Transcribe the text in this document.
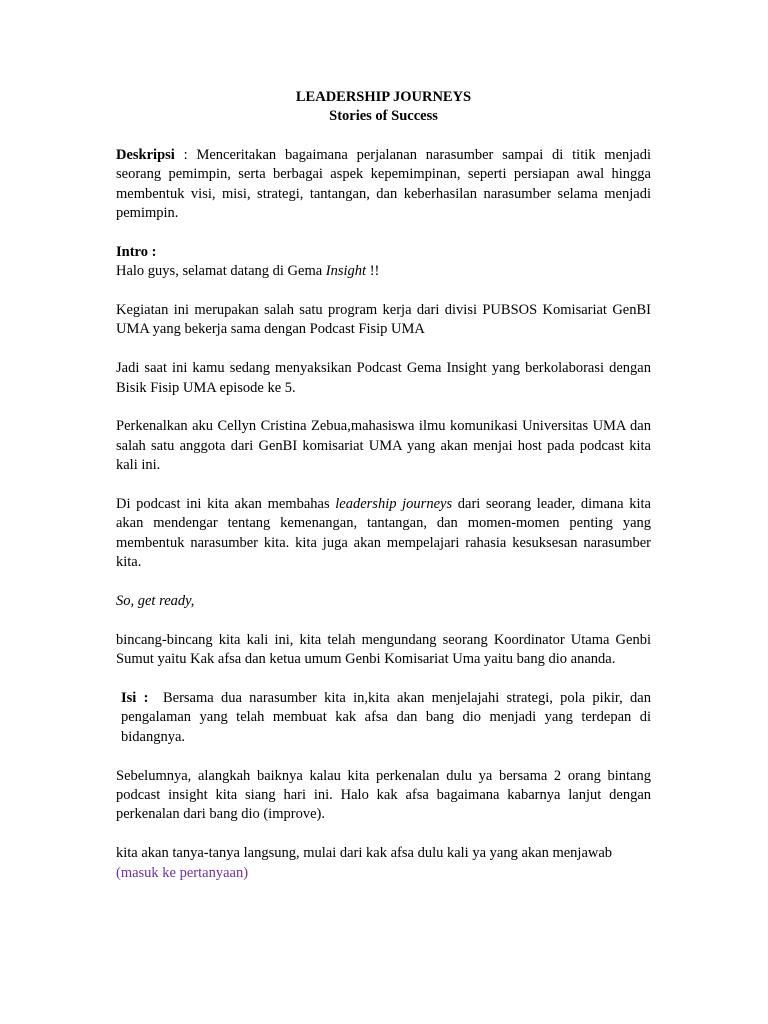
LEADERSHIP JOURNEYS
Stories of Success

Deskripsi : Menceritakan bagaimana perjalanan narasumber sampai di titik menjadi seorang pemimpin, serta berbagai aspek kepemimpinan, seperti persiapan awal hingga membentuk visi, misi, strategi, tantangan, dan keberhasilan narasumber selama menjadi pemimpin.

Intro :

Halo guys, selamat datang di Gema Insight !!

Kegiatan ini merupakan salah satu program kerja dari divisi PUBSOS Komisariat GenBI UMA yang bekerja sama dengan Podcast Fisip UMA

Jadi saat ini kamu sedang menyaksikan Podcast Gema Insight yang berkolaborasi dengan Bisik Fisip UMA episode ke 5.

Perkenalkan aku Cellyn Cristina Zebua,mahasiswa ilmu komunikasi Universitas UMA dan salah satu anggota dari GenBI komisariat UMA yang akan menjai host pada podcast kita kali ini.

Di podcast ini kita akan membahas leadership journeys dari seorang leader, dimana kita akan mendengar tentang kemenangan, tantangan, dan momen-momen penting yang membentuk narasumber kita. kita juga akan mempelajari rahasia kesuksesan narasumber kita.

So, get ready,

bincang-bincang kita kali ini, kita telah mengundang seorang Koordinator Utama Genbi Sumut yaitu Kak afsa dan ketua umum Genbi Komisariat Uma yaitu bang dio ananda.

Isi :  Bersama dua narasumber kita in,kita akan menjelajahi strategi, pola pikir, dan pengalaman yang telah membuat kak afsa dan bang dio menjadi yang terdepan di bidangnya.

Sebelumnya, alangkah baiknya kalau kita perkenalan dulu ya bersama 2 orang bintang podcast insight kita siang hari ini. Halo kak afsa bagaimana kabarnya lanjut dengan perkenalan dari bang dio (improve).

kita akan tanya-tanya langsung, mulai dari kak afsa dulu kali ya yang akan menjawab
(masuk ke pertanyaan)
